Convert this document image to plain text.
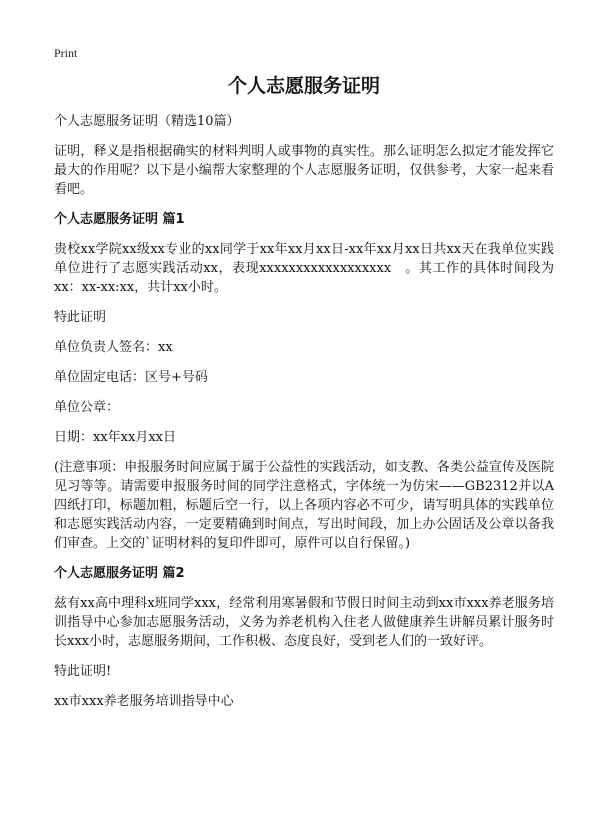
Print
个人志愿服务证明

个人志愿服务证明（精选10篇）

证明，释义是指根据确实的材料判明人或事物的真实性。那么证明怎么拟定才能发挥它最大的作用呢？以下是小编帮大家整理的个人志愿服务证明，仅供参考，大家一起来看看吧。

个人志愿服务证明 篇1

贵校xx学院xx级xx专业的xx同学于xx年xx月xx日-xx年xx月xx日共xx天在我单位实践单位进行了志愿实践活动xx，表现xxxxxxxxxxxxxxxxxx　。其工作的具体时间段为xx：xx-xx:xx，共计xx小时。

特此证明

单位负责人签名：xx

单位固定电话：区号+号码

单位公章：

日期：xx年xx月xx日

(注意事项：申报服务时间应属于属于公益性的实践活动，如支教、各类公益宣传及医院见习等等。请需要申报服务时间的同学注意格式，字体统一为仿宋——GB2312并以A四纸打印，标题加粗，标题后空一行，以上各项内容必不可少，请写明具体的实践单位和志愿实践活动内容，一定要精确到时间点，写出时间段，加上办公固话及公章以备我们审查。上交的`证明材料的复印件即可，原件可以自行保留。)

个人志愿服务证明 篇2

兹有xx高中理科x班同学xxx，经常利用寒暑假和节假日时间主动到xx市xxx养老服务培训指导中心参加志愿服务活动，义务为养老机构入住老人做健康养生讲解员累计服务时长xxx小时，志愿服务期间，工作积极、态度良好，受到老人们的一致好评。

特此证明!

xx市xxx养老服务培训指导中心
